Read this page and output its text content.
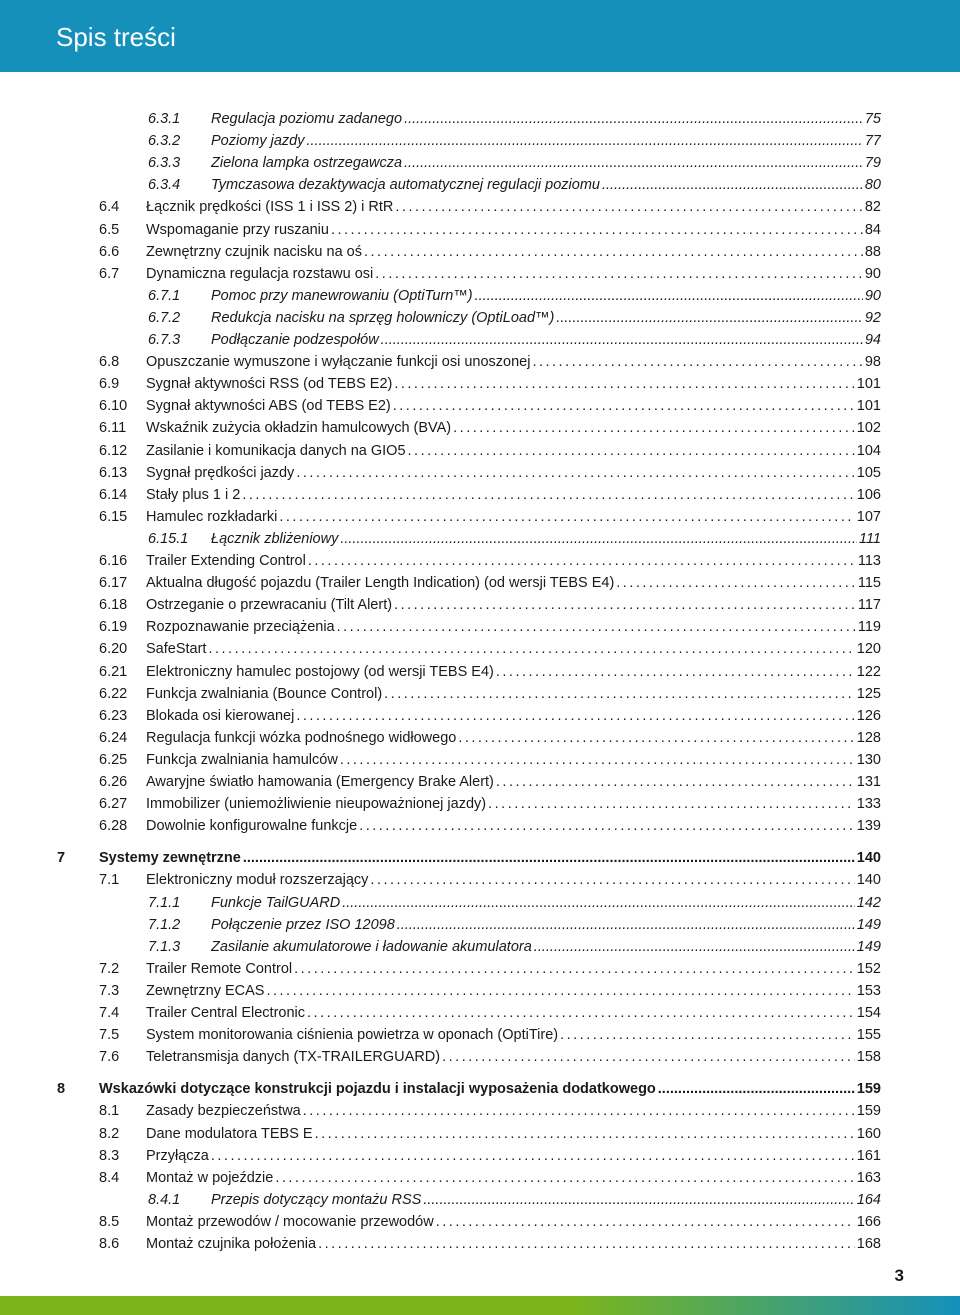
Spis treści
6.3.1 Regulacja poziomu zadanego .....	75
6.3.2 Poziomy jazdy .....	77
6.3.3 Zielona lampka ostrzegawcza .....	79
6.3.4 Tymczasowa dezaktywacja automatycznej regulacji poziomu .....	80
6.4 Łącznik prędkości (ISS 1 i ISS 2) i RtR .....	82
6.5 Wspomaganie przy ruszaniu .....	84
6.6 Zewnętrzny czujnik nacisku na oś .....	88
6.7 Dynamiczna regulacja rozstawu osi .....	90
6.7.1 Pomoc przy manewrowaniu (OptiTurn™) .....	90
6.7.2 Redukcja nacisku na sprzęg holowniczy (OptiLoad™) .....	92
6.7.3 Podłączanie podzespołów .....	94
6.8 Opuszczanie wymuszone i wyłączanie funkcji osi unoszonej .....	98
6.9 Sygnał aktywności RSS (od TEBS E2) .....	101
6.10 Sygnał aktywności ABS (od TEBS E2) .....	101
6.11 Wskaźnik zużycia okładzin hamulcowych (BVA) .....	102
6.12 Zasilanie i komunikacja danych na GIO5 .....	104
6.13 Sygnał prędkości jazdy .....	105
6.14 Stały plus 1 i 2 .....	106
6.15 Hamulec rozkładarki .....	107
6.15.1 Łącznik zbliżeniowy .....	111
6.16 Trailer Extending Control .....	113
6.17 Aktualna długość pojazdu (Trailer Length Indication) (od wersji TEBS E4) .....	115
6.18 Ostrzeganie o przewracaniu (Tilt Alert) .....	117
6.19 Rozpoznawanie przeciążenia .....	119
6.20 SafeStart .....	120
6.21 Elektroniczny hamulec postojowy (od wersji TEBS E4) .....	122
6.22 Funkcja zwalniania (Bounce Control) .....	125
6.23 Blokada osi kierowanej .....	126
6.24 Regulacja funkcji wózka podnośnego widłowego .....	128
6.25 Funkcja zwalniania hamulców .....	130
6.26 Awaryjne światło hamowania (Emergency Brake Alert) .....	131
6.27 Immobilizer (uniemożliwienie nieupoważnionej jazdy) .....	133
6.28 Dowolnie konfigurowalne funkcje .....	139
7 Systemy zewnętrzne .....	140
7.1 Elektroniczny moduł rozszerzający .....	140
7.1.1 Funkcje TailGUARD .....	142
7.1.2 Połączenie przez ISO 12098 .....	149
7.1.3 Zasilanie akumulatorowe i ładowanie akumulatora .....	149
7.2 Trailer Remote Control .....	152
7.3 Zewnętrzny ECAS .....	153
7.4 Trailer Central Electronic .....	154
7.5 System monitorowania ciśnienia powietrza w oponach (OptiTire) .....	155
7.6 Teletransmisja danych (TX-TRAILERGUARD) .....	158
8 Wskazówki dotyczące konstrukcji pojazdu i instalacji wyposażenia dodatkowego .....	159
8.1 Zasady bezpieczeństwa .....	159
8.2 Dane modulatora TEBS E .....	160
8.3 Przyłącza .....	161
8.4 Montaż w pojeździe .....	163
8.4.1 Przepis dotyczący montażu RSS .....	164
8.5 Montaż przewodów / mocowanie przewodów .....	166
8.6 Montaż czujnika położenia .....	168
3
